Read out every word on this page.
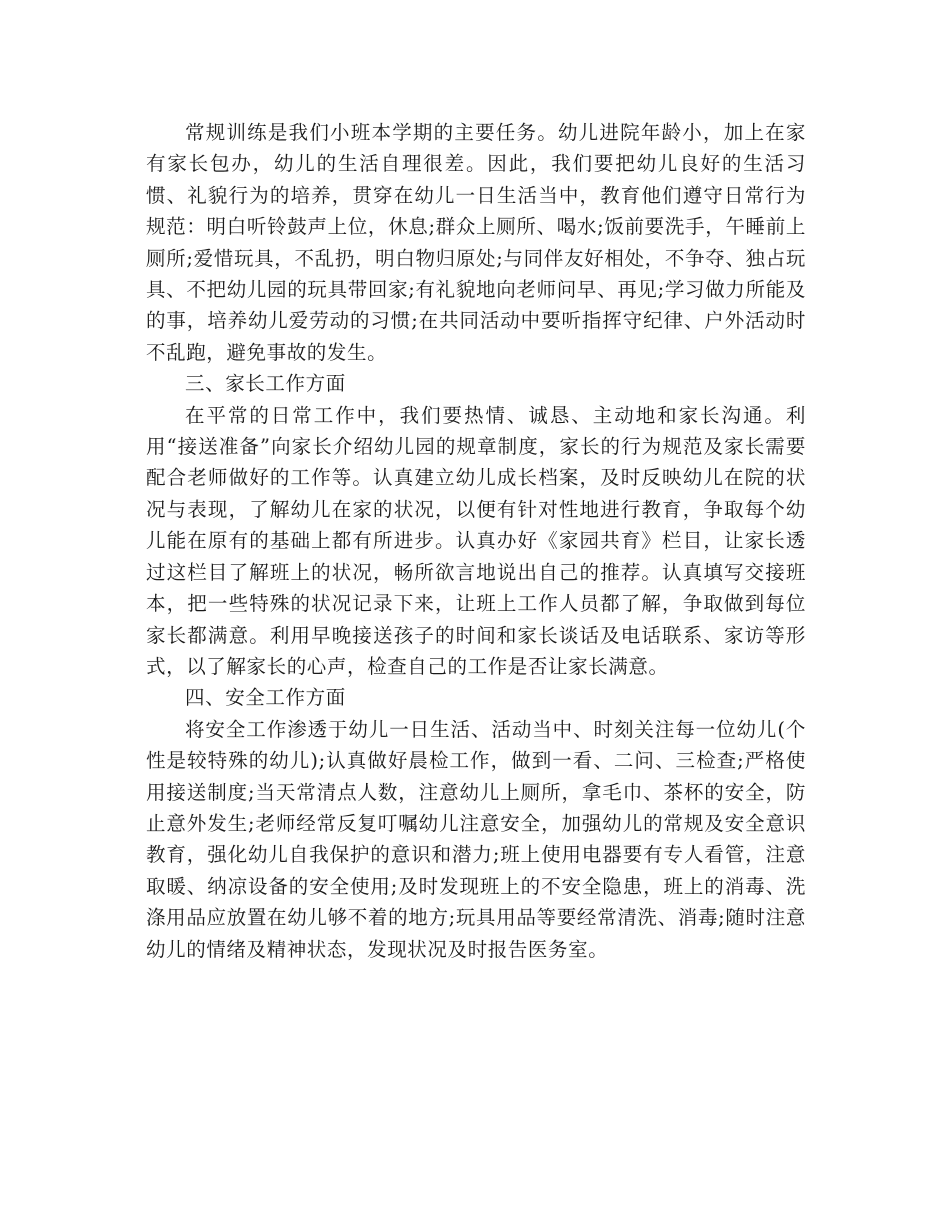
常规训练是我们小班本学期的主要任务。幼儿进院年龄小，加上在家有家长包办，幼儿的生活自理很差。因此，我们要把幼儿良好的生活习惯、礼貌行为的培养，贯穿在幼儿一日生活当中，教育他们遵守日常行为规范：明白听铃鼓声上位，休息;群众上厕所、喝水;饭前要洗手，午睡前上厕所;爱惜玩具，不乱扔，明白物归原处;与同伴友好相处，不争夺、独占玩具、不把幼儿园的玩具带回家;有礼貌地向老师问早、再见;学习做力所能及的事，培养幼儿爱劳动的习惯;在共同活动中要听指挥守纪律、户外活动时不乱跑，避免事故的发生。

三、家长工作方面

在平常的日常工作中，我们要热情、诚恳、主动地和家长沟通。利用“接送准备”向家长介绍幼儿园的规章制度，家长的行为规范及家长需要配合老师做好的工作等。认真建立幼儿成长档案，及时反映幼儿在院的状况与表现，了解幼儿在家的状况，以便有针对性地进行教育，争取每个幼儿能在原有的基础上都有所进步。认真办好《家园共育》栏目，让家长透过这栏目了解班上的状况，畅所欲言地说出自己的推荐。认真填写交接班本，把一些特殊的状况记录下来，让班上工作人员都了解，争取做到每位家长都满意。利用早晚接送孩子的时间和家长谈话及电话联系、家访等形式，以了解家长的心声，检查自己的工作是否让家长满意。

四、安全工作方面

将安全工作渗透于幼儿一日生活、活动当中、时刻关注每一位幼儿(个性是较特殊的幼儿);认真做好晨检工作，做到一看、二问、三检查;严格使用接送制度;当天常清点人数，注意幼儿上厕所，拿毛巾、茶杯的安全，防止意外发生;老师经常反复叮嘱幼儿注意安全，加强幼儿的常规及安全意识教育，强化幼儿自我保护的意识和潜力;班上使用电器要有专人看管，注意取暖、纳凉设备的安全使用;及时发现班上的不安全隐患，班上的消毒、洗涤用品应放置在幼儿够不着的地方;玩具用品等要经常清洗、消毒;随时注意幼儿的情绪及精神状态，发现状况及时报告医务室。
